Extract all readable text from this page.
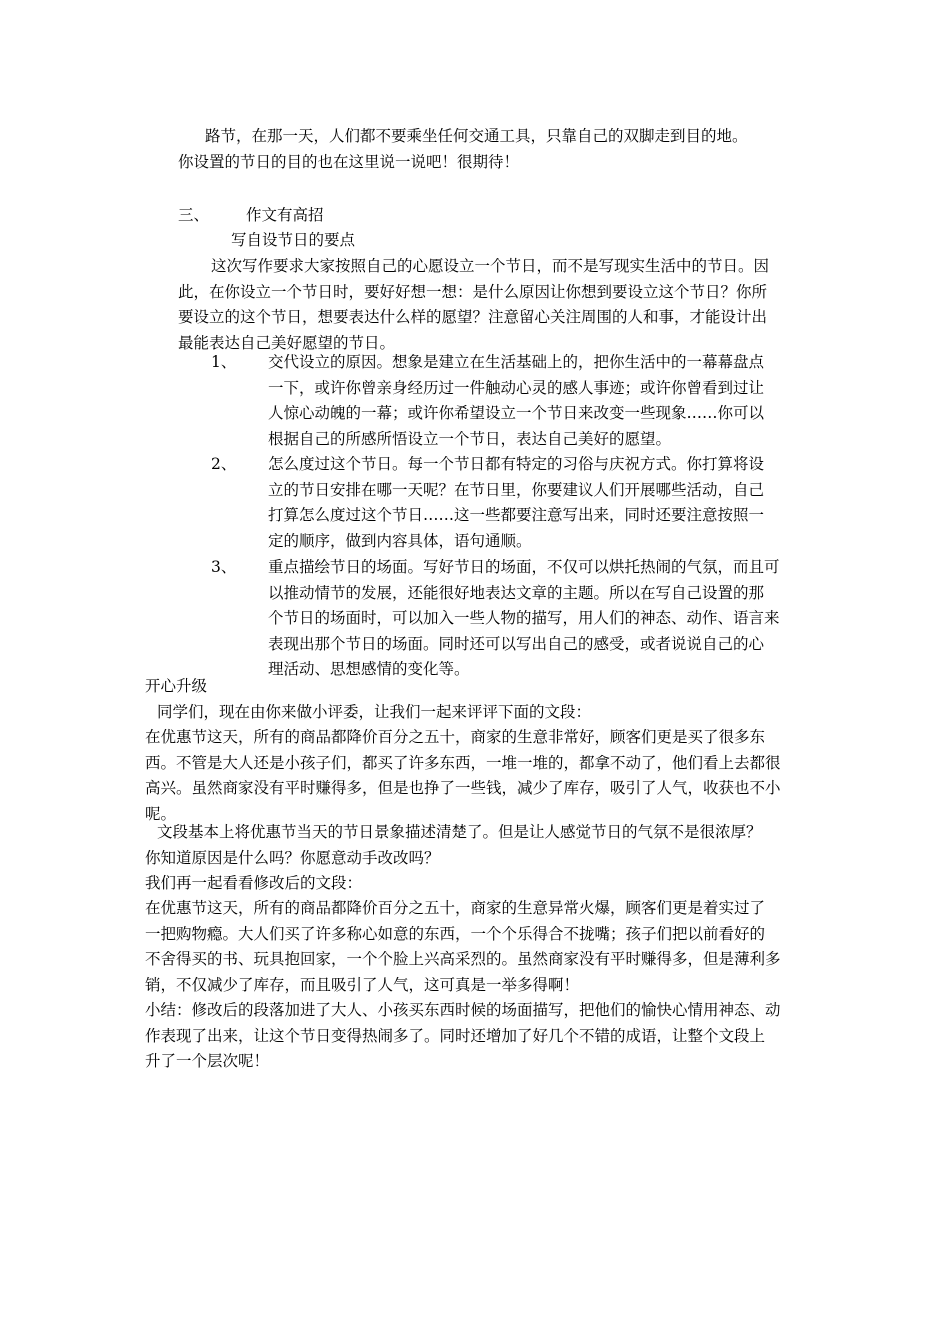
路节，在那一天，人们都不要乘坐任何交通工具，只靠自己的双脚走到目的地。
你设置的节日的目的也在这里说一说吧！很期待！
三、 作文有高招
写自设节日的要点
这次写作要求大家按照自己的心愿设立一个节日，而不是写现实生活中的节日。因
此，在你设立一个节日时，要好好想一想：是什么原因让你想到要设立这个节日？你所
要设立的这个节日，想要表达什么样的愿望？注意留心关注周围的人和事，才能设计出
最能表达自己美好愿望的节日。
1、 交代设立的原因。想象是建立在生活基础上的，把你生活中的一幕幕盘点
一下，或许你曾亲身经历过一件触动心灵的感人事迹；或许你曾看到过让
人惊心动魄的一幕；或许你希望设立一个节日来改变一些现象……你可以
根据自己的所感所悟设立一个节日，表达自己美好的愿望。
2、 怎么度过这个节日。每一个节日都有特定的习俗与庆祝方式。你打算将设
立的节日安排在哪一天呢？在节日里，你要建议人们开展哪些活动，自己
打算怎么度过这个节日……这一些都要注意写出来，同时还要注意按照一
定的顺序，做到内容具体，语句通顺。
3、 重点描绘节日的场面。写好节日的场面，不仅可以烘托热闹的气氛，而且可
以推动情节的发展，还能很好地表达文章的主题。所以在写自己设置的那
个节日的场面时，可以加入一些人物的描写，用人们的神态、动作、语言来
表现出那个节日的场面。同时还可以写出自己的感受，或者说说自己的心
理活动、思想感情的变化等。
开心升级
同学们，现在由你来做小评委，让我们一起来评评下面的文段：
在优惠节这天，所有的商品都降价百分之五十，商家的生意非常好，顾客们更是买了很多东
西。不管是大人还是小孩子们，都买了许多东西，一堆一堆的，都拿不动了，他们看上去都很
高兴。虽然商家没有平时赚得多，但是也挣了一些钱，减少了库存，吸引了人气，收获也不小
呢。
文段基本上将优惠节当天的节日景象描述清楚了。但是让人感觉节日的气氛不是很浓厚？
你知道原因是什么吗？你愿意动手改改吗？
我们再一起看看修改后的文段：
在优惠节这天，所有的商品都降价百分之五十，商家的生意异常火爆，顾客们更是着实过了
一把购物瘾。大人们买了许多称心如意的东西，一个个乐得合不拢嘴；孩子们把以前看好的
不舍得买的书、玩具抱回家，一个个脸上兴高采烈的。虽然商家没有平时赚得多，但是薄利多
销，不仅减少了库存，而且吸引了人气，这可真是一举多得啊！
小结：修改后的段落加进了大人、小孩买东西时候的场面描写，把他们的愉快心情用神态、动
作表现了出来，让这个节日变得热闹多了。同时还增加了好几个不错的成语，让整个文段上
升了一个层次呢！
